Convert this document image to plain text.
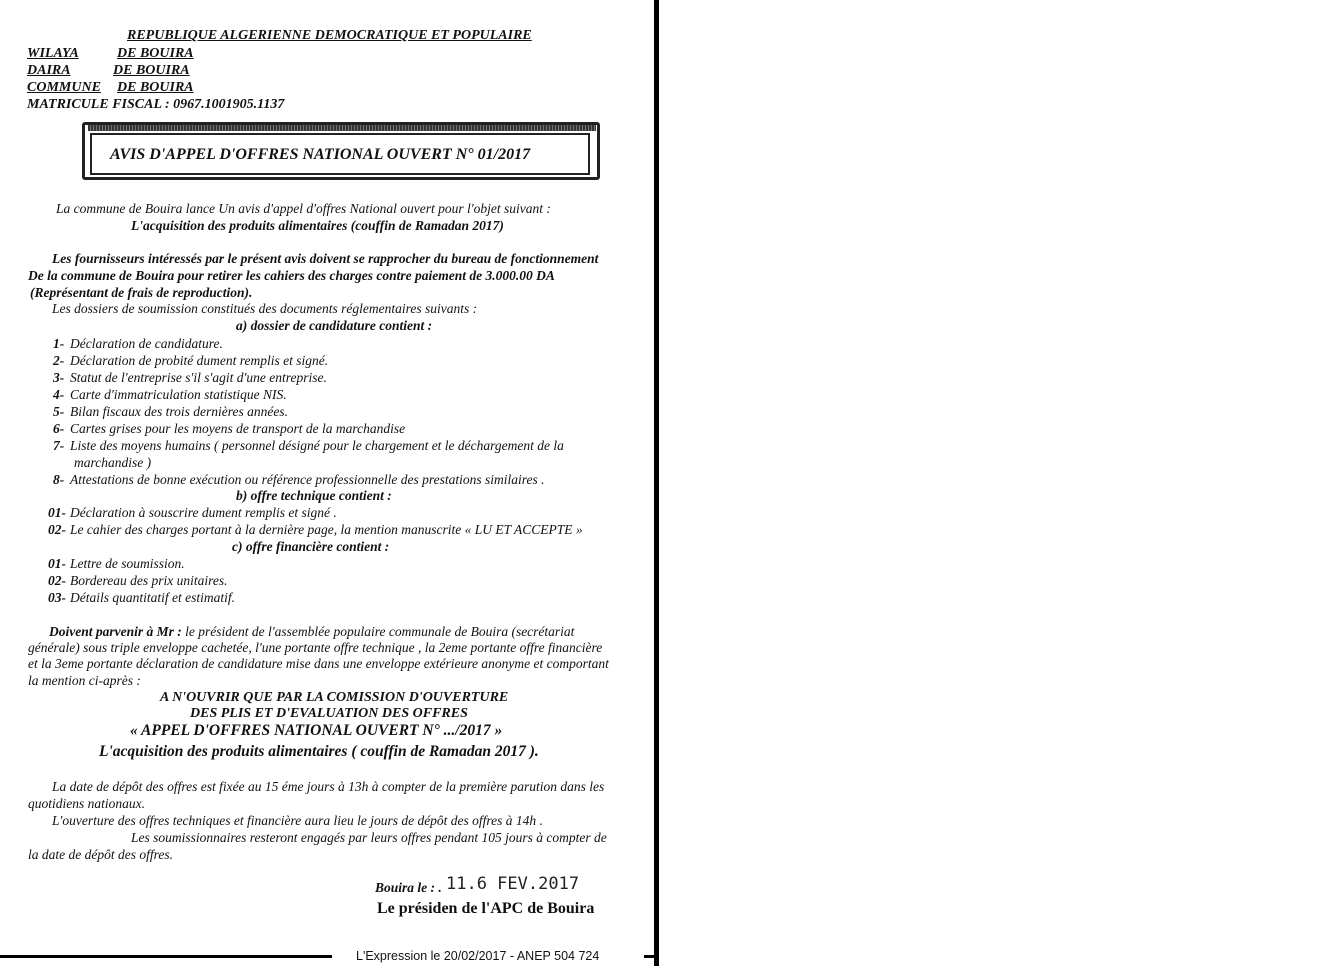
REPUBLIQUE ALGERIENNE DEMOCRATIQUE ET POPULAIRE
WILAYA	DE BOUIRA
DAIRA	DE BOUIRA
COMMUNE DE BOUIRA
MATRICULE FISCAL : 0967.1001905.1137
AVIS D'APPEL D'OFFRES NATIONAL OUVERT N° 01/2017
La commune de Bouira lance Un avis d'appel d'offres National ouvert pour l'objet suivant :
L'acquisition des produits alimentaires (couffin de Ramadan 2017)
Les fournisseurs intéressés par le présent avis doivent se rapprocher du bureau de fonctionnement
De la commune de Bouira pour retirer les cahiers des charges contre paiement de 3.000.00 DA
(Représentant de frais de reproduction).
Les dossiers de soumission constitués des documents réglementaires suivants :
a) dossier de candidature contient :
1- Déclaration de candidature.
2- Déclaration de probité dument remplis et signé.
3- Statut de l'entreprise s'il s'agit d'une entreprise.
4- Carte d'immatriculation statistique NIS.
5- Bilan fiscaux des trois dernières années.
6- Cartes grises pour les moyens de transport de la marchandise
7- Liste des moyens humains ( personnel désigné pour le chargement et le déchargement de la
marchandise )
8- Attestations de bonne exécution ou référence professionnelle des prestations similaires .
b) offre technique contient :
01- Déclaration à souscrire dument remplis et signé .
02- Le cahier des charges portant à la dernière page, la mention manuscrite « LU ET ACCEPTE »
c) offre financière contient :
01- Lettre de soumission.
02- Bordereau des prix unitaires.
03- Détails quantitatif et estimatif.
Doivent parvenir à Mr : le président de l'assemblée populaire communale de Bouira (secrétariat
générale) sous triple enveloppe cachetée, l'une portante offre technique , la 2eme portante offre financière
et la 3eme portante déclaration de candidature mise dans une enveloppe extérieure anonyme et comportant
la mention ci-après :
A N'OUVRIR QUE PAR LA COMISSION D'OUVERTURE
DES PLIS ET D'EVALUATION DES OFFRES
« APPEL D'OFFRES NATIONAL OUVERT N° .../2017 »
L'acquisition des produits alimentaires ( couffin de Ramadan 2017 ).
La date de dépôt des offres est fixée au 15 éme jours à 13h à compter de la première parution dans les
quotidiens nationaux.
L'ouverture des offres techniques et financière aura lieu le jours de dépôt des offres à 14h .
Les soumissionnaires resteront engagés par leurs offres pendant 105 jours à compter de
la date de dépôt des offres.
Bouira le : . 11.6 FEV.2017
Le présiden de l'APC de Bouira
L'Expression le 20/02/2017 - ANEP 504 724
